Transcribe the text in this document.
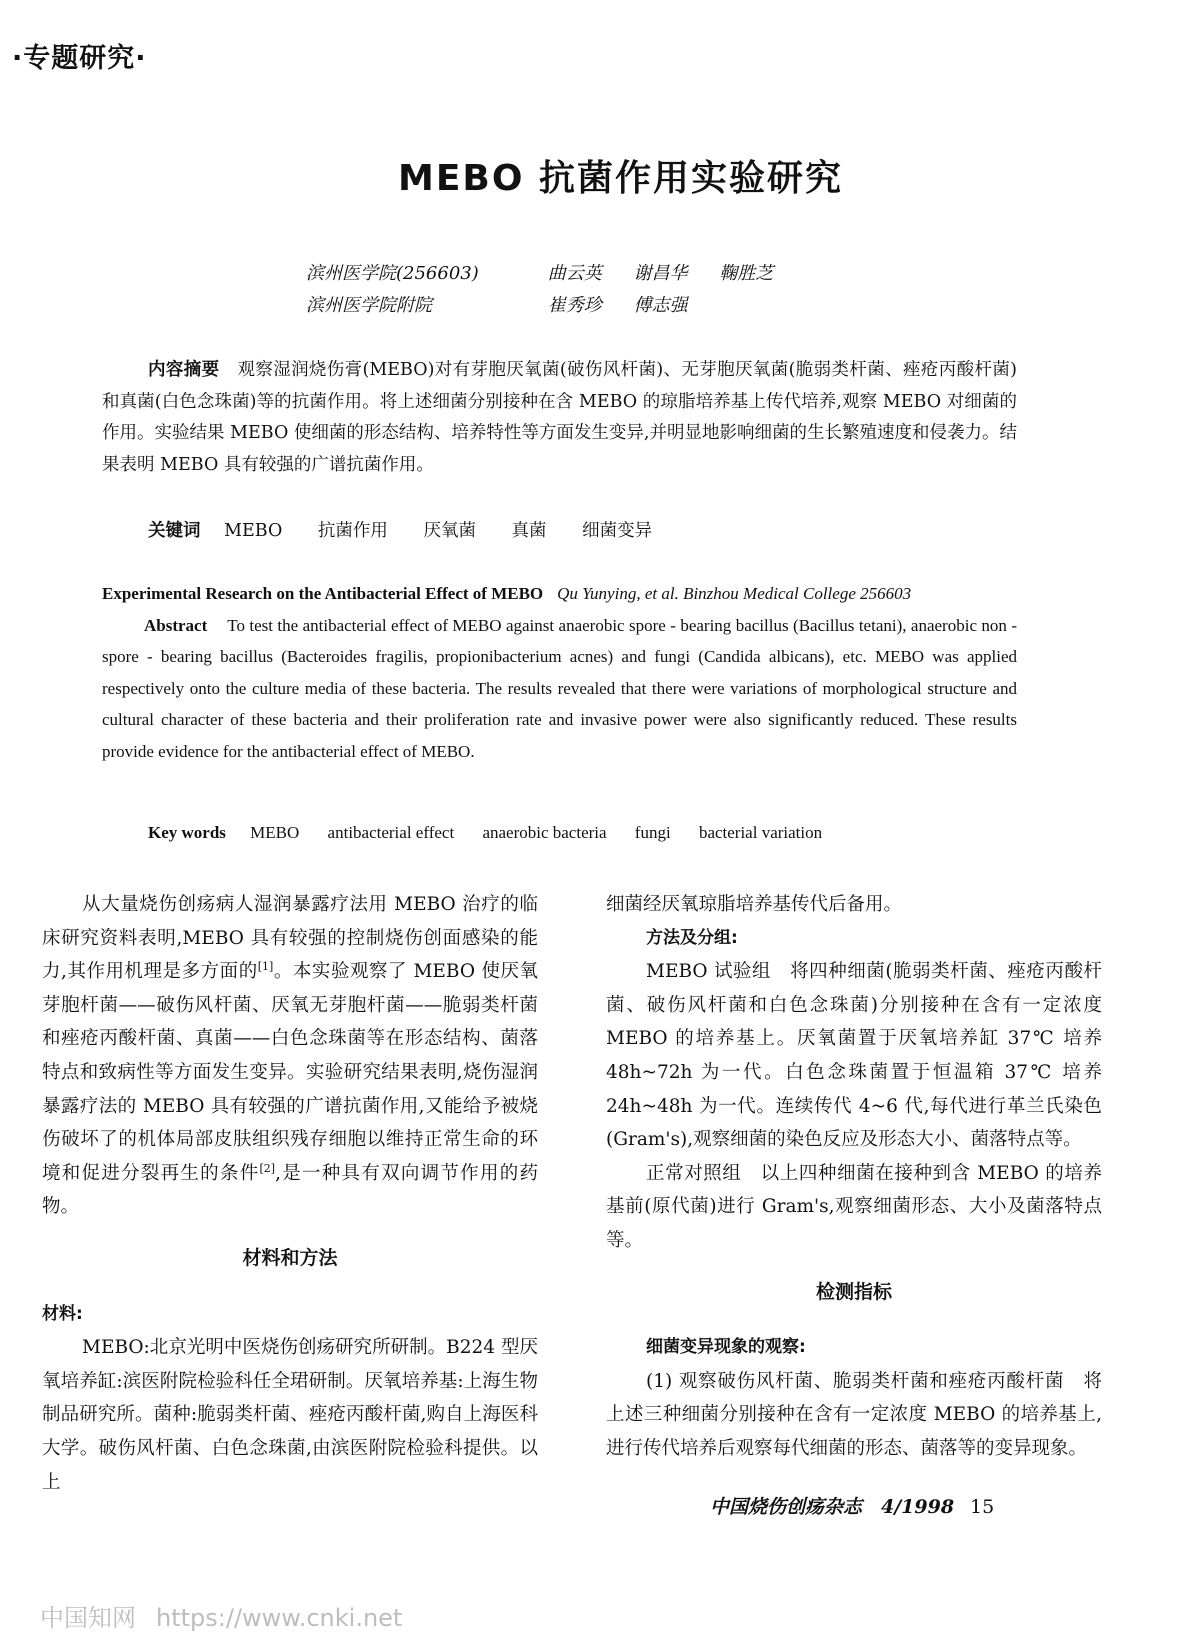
·专题研究·
MEBO 抗菌作用实验研究
滨州医学院(256603)	曲云英 谢昌华 鞠胜芝
滨州医学院附院	崔秀珍 傅志强
内容摘要 观察湿润烧伤膏(MEBO)对有芽胞厌氧菌(破伤风杆菌)、无芽胞厌氧菌(脆弱类杆菌、痤疮丙酸杆菌)和真菌(白色念珠菌)等的抗菌作用。将上述细菌分别接种在含 MEBO 的琼脂培养基上传代培养,观察 MEBO 对细菌的作用。实验结果 MEBO 使细菌的形态结构、培养特性等方面发生变异,并明显地影响细菌的生长繁殖速度和侵袭力。结果表明 MEBO 具有较强的广谱抗菌作用。
关键词 MEBO 抗菌作用 厌氧菌 真菌 细菌变异
Experimental Research on the Antibacterial Effect of MEBO Qu Yunying, et al. Binzhou Medical College 256603
Abstract To test the antibacterial effect of MEBO against anaerobic spore - bearing bacillus (Bacillus tetani), anaerobic non - spore - bearing bacillus (Bacteroides fragilis, propionibacterium acnes) and fungi (Candida albicans), etc. MEBO was applied respectively onto the culture media of these bacteria. The results revealed that there were variations of morphological structure and cultural character of these bacteria and their proliferation rate and invasive power were also significantly reduced. These results provide evidence for the antibacterial effect of MEBO.
Key words MEBO antibacterial effect anaerobic bacteria fungi bacterial variation

从大量烧伤创疡病人湿润暴露疗法用 MEBO 治疗的临床研究资料表明,MEBO 具有较强的控制烧伤创面感染的能力,其作用机理是多方面的[1]。本实验观察了 MEBO 使厌氧芽胞杆菌——破伤风杆菌、厌氧无芽胞杆菌——脆弱类杆菌和痤疮丙酸杆菌、真菌——白色念珠菌等在形态结构、菌落特点和致病性等方面发生变异。实验研究结果表明,烧伤湿润暴露疗法的 MEBO 具有较强的广谱抗菌作用,又能给予被烧伤破坏了的机体局部皮肤组织残存细胞以维持正常生命的环境和促进分裂再生的条件[2],是一种具有双向调节作用的药物。

材料和方法

材料:

MEBO:北京光明中医烧伤创疡研究所研制。B224 型厌氧培养缸:滨医附院检验科任全珺研制。厌氧培养基:上海生物制品研究所。菌种:脆弱类杆菌、痤疮丙酸杆菌,购自上海医科大学。破伤风杆菌、白色念珠菌,由滨医附院检验科提供。以上

细菌经厌氧琼脂培养基传代后备用。

方法及分组:

MEBO 试验组　将四种细菌(脆弱类杆菌、痤疮丙酸杆菌、破伤风杆菌和白色念珠菌)分别接种在含有一定浓度 MEBO 的培养基上。厌氧菌置于厌氧培养缸 37℃ 培养 48h~72h 为一代。白色念珠菌置于恒温箱 37℃ 培养 24h~48h 为一代。连续传代 4~6 代,每代进行革兰氏染色(Gram's),观察细菌的染色反应及形态大小、菌落特点等。

正常对照组　以上四种细菌在接种到含 MEBO 的培养基前(原代菌)进行 Gram's,观察细菌形态、大小及菌落特点等。

检测指标

细菌变异现象的观察:

(1) 观察破伤风杆菌、脆弱类杆菌和痤疮丙酸杆菌　将上述三种细菌分别接种在含有一定浓度 MEBO 的培养基上,进行传代培养后观察每代细菌的形态、菌落等的变异现象。

中国烧伤创疡杂志　4/1998 15
中国知网 https://www.cnki.net
